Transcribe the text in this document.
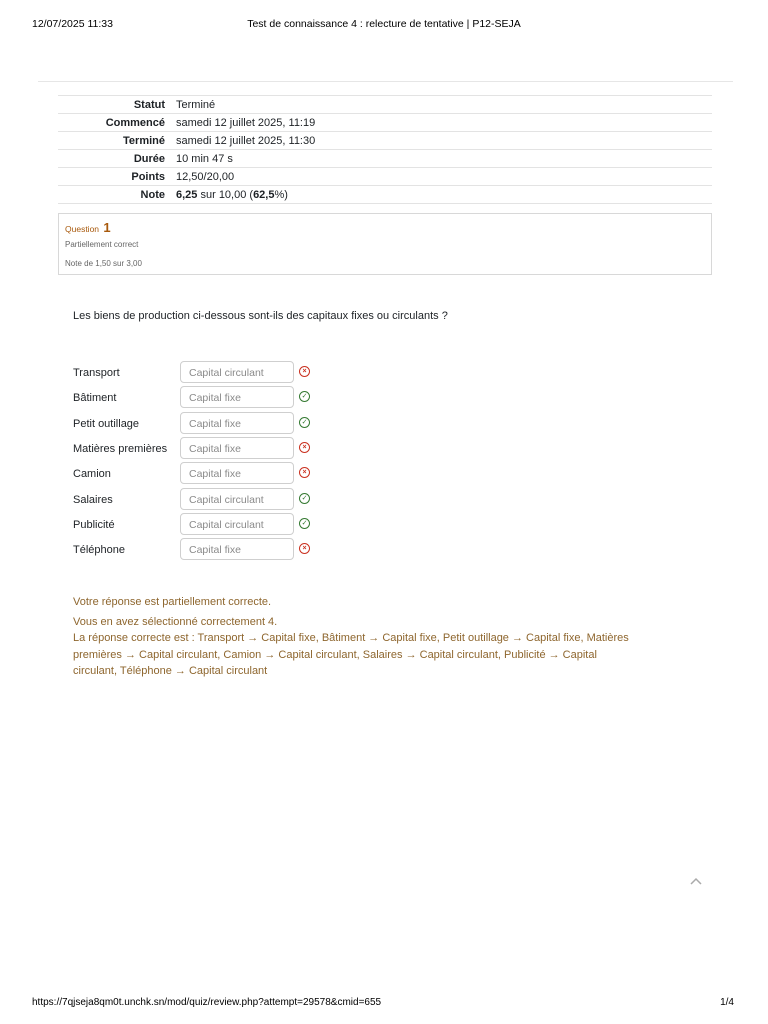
12/07/2025 11:33	Test de connaissance 4 : relecture de tentative | P12-SEJA
Statut	Terminé
Commencé	samedi 12 juillet 2025, 11:19
Terminé	samedi 12 juillet 2025, 11:30
Durée	10 min 47 s
Points	12,50/20,00
Note	6,25 sur 10,00 (62,5%)
Question 1
Partiellement correct
Note de 1,50 sur 3,00
Les biens de production ci-dessous sont-ils des capitaux fixes ou circulants ?
Transport	Capital circulant	×
Bâtiment	Capital fixe	✓
Petit outillage	Capital fixe	✓
Matières premières	Capital fixe	×
Camion	Capital fixe	×
Salaires	Capital circulant	✓
Publicité	Capital circulant	✓
Téléphone	Capital fixe	×
Votre réponse est partiellement correcte.
Vous en avez sélectionné correctement 4.
La réponse correcte est : Transport → Capital fixe, Bâtiment → Capital fixe, Petit outillage → Capital fixe, Matières
premières → Capital circulant, Camion → Capital circulant, Salaires → Capital circulant, Publicité → Capital
circulant, Téléphone → Capital circulant
https://7qjseja8qm0t.unchk.sn/mod/quiz/review.php?attempt=29578&cmid=655	1/4
